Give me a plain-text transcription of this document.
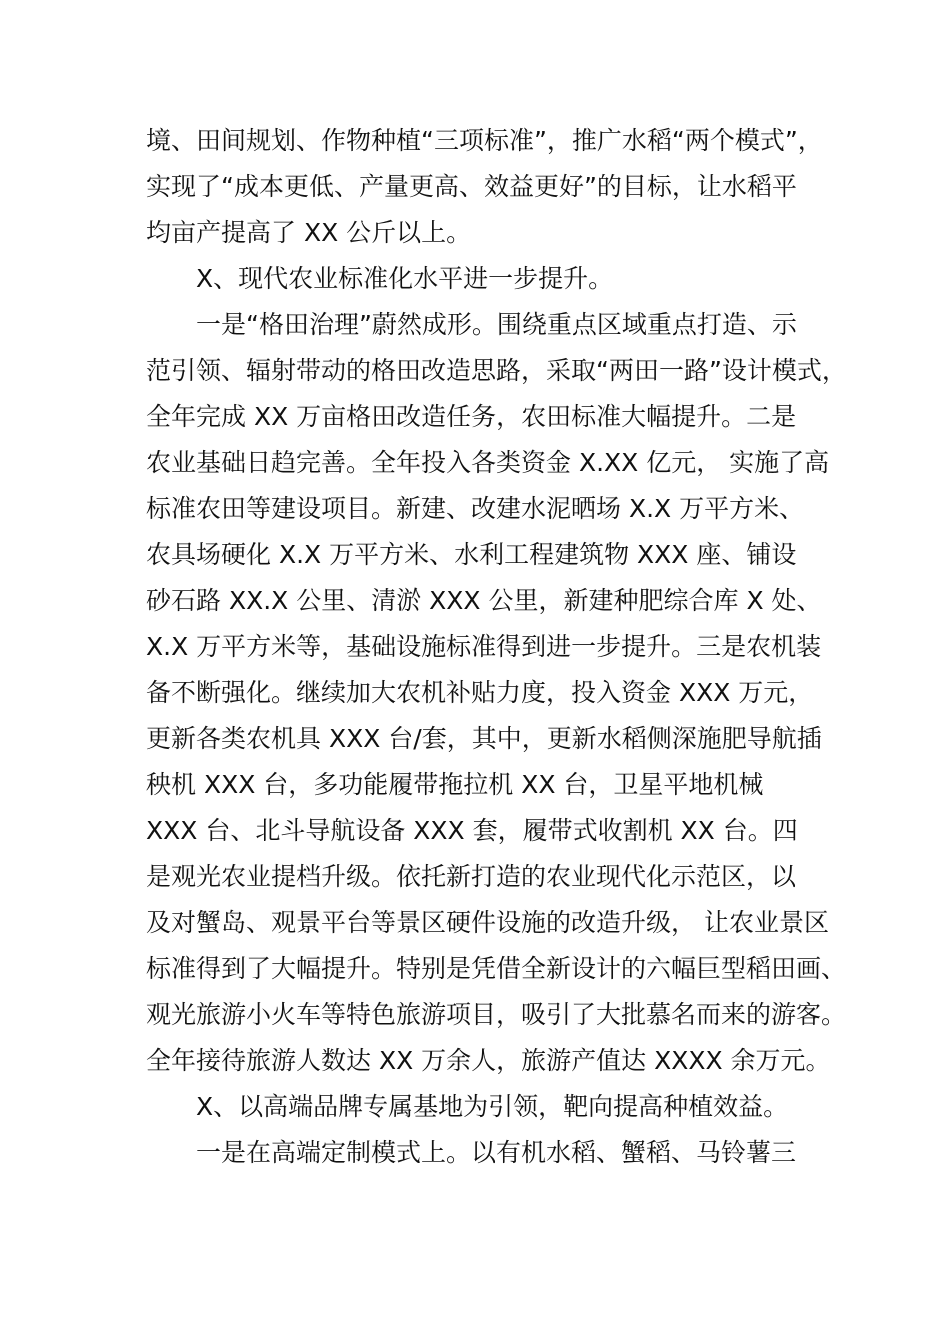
境、田间规划、作物种植“三项标准”，推广水稻“两个模式”，
实现了“成本更低、产量更高、效益更好”的目标，让水稻平
均亩产提高了 XX 公斤以上。
X、现代农业标准化水平进一步提升。
一是“格田治理”蔚然成形。围绕重点区域重点打造、示
范引领、辐射带动的格田改造思路，采取“两田一路”设计模式，
全年完成 XX 万亩格田改造任务，农田标准大幅提升。二是
农业基础日趋完善。全年投入各类资金 X.XX 亿元， 实施了高
标准农田等建设项目。新建、改建水泥晒场 X.X 万平方米、
农具场硬化 X.X 万平方米、水利工程建筑物 XXX 座、铺设
砂石路 XX.X 公里、清淤 XXX 公里，新建种肥综合库 X 处、
X.X 万平方米等，基础设施标准得到进一步提升。三是农机装
备不断强化。继续加大农机补贴力度，投入资金 XXX 万元，
更新各类农机具 XXX 台/套，其中，更新水稻侧深施肥导航插
秧机 XXX 台，多功能履带拖拉机 XX 台，卫星平地机械
XXX 台、北斗导航设备 XXX 套，履带式收割机 XX 台。四
是观光农业提档升级。依托新打造的农业现代化示范区，以
及对蟹岛、观景平台等景区硬件设施的改造升级， 让农业景区
标准得到了大幅提升。特别是凭借全新设计的六幅巨型稻田画、
观光旅游小火车等特色旅游项目，吸引了大批慕名而来的游客。
全年接待旅游人数达 XX 万余人，旅游产值达 XXXX 余万元。
X、以高端品牌专属基地为引领，靶向提高种植效益。
一是在高端定制模式上。以有机水稻、蟹稻、马铃薯三
